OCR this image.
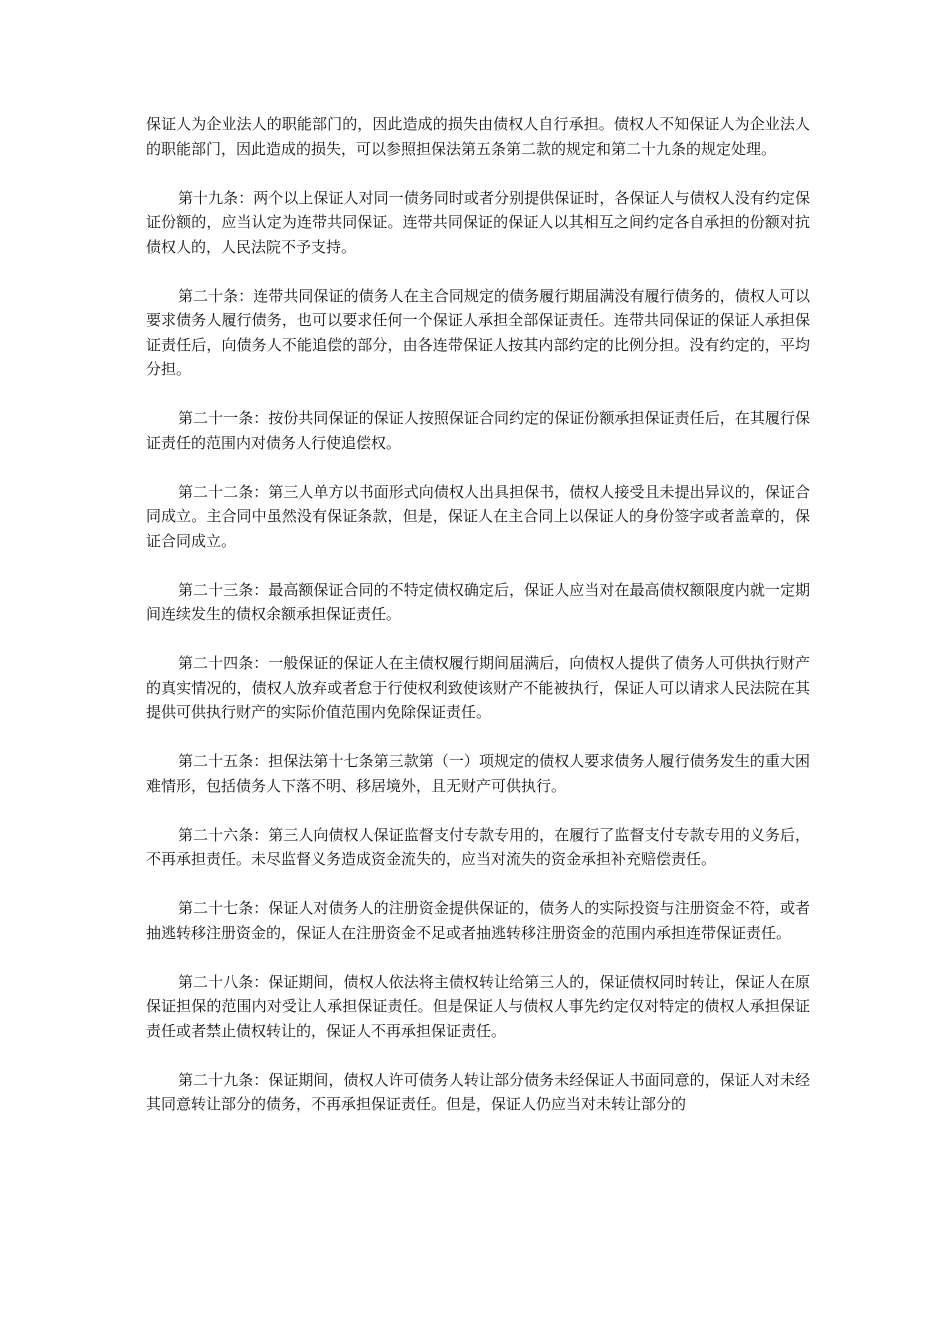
保证人为企业法人的职能部门的，因此造成的损失由债权人自行承担。债权人不知保证人为企业法人的职能部门，因此造成的损失，可以参照担保法第五条第二款的规定和第二十九条的规定处理。

第十九条：两个以上保证人对同一债务同时或者分别提供保证时，各保证人与债权人没有约定保证份额的，应当认定为连带共同保证。连带共同保证的保证人以其相互之间约定各自承担的份额对抗债权人的，人民法院不予支持。

第二十条：连带共同保证的债务人在主合同规定的债务履行期届满没有履行债务的，债权人可以要求债务人履行债务，也可以要求任何一个保证人承担全部保证责任。连带共同保证的保证人承担保证责任后，向债务人不能追偿的部分，由各连带保证人按其内部约定的比例分担。没有约定的，平均分担。

第二十一条：按份共同保证的保证人按照保证合同约定的保证份额承担保证责任后，在其履行保证责任的范围内对债务人行使追偿权。

第二十二条：第三人单方以书面形式向债权人出具担保书，债权人接受且未提出异议的，保证合同成立。主合同中虽然没有保证条款，但是，保证人在主合同上以保证人的身份签字或者盖章的，保证合同成立。

第二十三条：最高额保证合同的不特定债权确定后，保证人应当对在最高债权额限度内就一定期间连续发生的债权余额承担保证责任。

第二十四条：一般保证的保证人在主债权履行期间届满后，向债权人提供了债务人可供执行财产的真实情况的，债权人放弃或者怠于行使权利致使该财产不能被执行，保证人可以请求人民法院在其提供可供执行财产的实际价值范围内免除保证责任。

第二十五条：担保法第十七条第三款第（一）项规定的债权人要求债务人履行债务发生的重大困难情形，包括债务人下落不明、移居境外，且无财产可供执行。

第二十六条：第三人向债权人保证监督支付专款专用的，在履行了监督支付专款专用的义务后，不再承担责任。未尽监督义务造成资金流失的，应当对流失的资金承担补充赔偿责任。

第二十七条：保证人对债务人的注册资金提供保证的，债务人的实际投资与注册资金不符，或者抽逃转移注册资金的，保证人在注册资金不足或者抽逃转移注册资金的范围内承担连带保证责任。

第二十八条：保证期间，债权人依法将主债权转让给第三人的，保证债权同时转让，保证人在原保证担保的范围内对受让人承担保证责任。但是保证人与债权人事先约定仅对特定的债权人承担保证责任或者禁止债权转让的，保证人不再承担保证责任。

第二十九条：保证期间，债权人许可债务人转让部分债务未经保证人书面同意的，保证人对未经其同意转让部分的债务，不再承担保证责任。但是，保证人仍应当对未转让部分的
